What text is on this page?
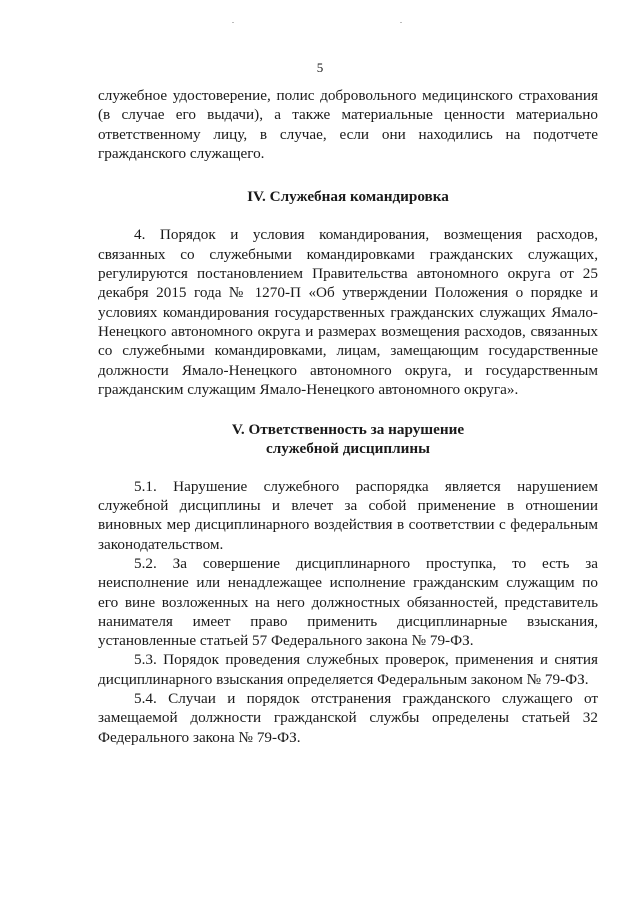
5

служебное удостоверение, полис добровольного медицинского страхования (в случае его выдачи), а также материальные ценности материально ответственному лицу, в случае, если они находились на подотчете гражданского служащего.

IV. Служебная командировка

4. Порядок и условия командирования, возмещения расходов, связанных со служебными командировками гражданских служащих, регулируются постановлением Правительства автономного округа от 25 декабря 2015 года № 1270-П «Об утверждении Положения о порядке и условиях командирования государственных гражданских служащих Ямало-Ненецкого автономного округа и размерах возмещения расходов, связанных со служебными командировками, лицам, замещающим государственные должности Ямало-Ненецкого автономного округа, и государственным гражданским служащим Ямало-Ненецкого автономного округа».

V. Ответственность за нарушение
служебной дисциплины

5.1. Нарушение служебного распорядка является нарушением служебной дисциплины и влечет за собой применение в отношении виновных мер дисциплинарного воздействия в соответствии с федеральным законодательством.

5.2. За совершение дисциплинарного проступка, то есть за неисполнение или ненадлежащее исполнение гражданским служащим по его вине возложенных на него должностных обязанностей, представитель нанимателя имеет право применить дисциплинарные взыскания, установленные статьей 57 Федерального закона № 79-ФЗ.

5.3. Порядок проведения служебных проверок, применения и снятия дисциплинарного взыскания определяется Федеральным законом № 79-ФЗ.

5.4. Случаи и порядок отстранения гражданского служащего от замещаемой должности гражданской службы определены статьей 32 Федерального закона № 79-ФЗ.
